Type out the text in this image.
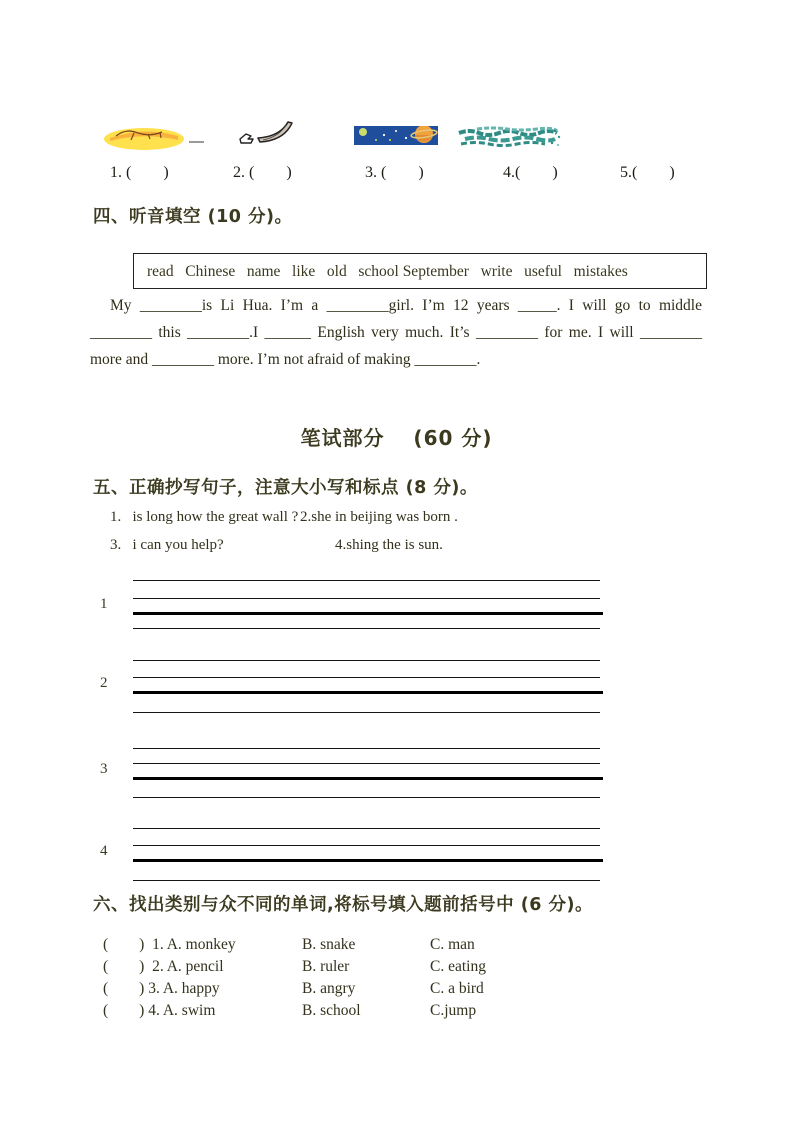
1. (        )	2. (        )	3. (        )	4.(        )	5.(        )
四、听音填空 (10 分)。
read   Chinese   name   like   old   school September   write   useful   mistakes
My ________is Li Hua. I’m a ________girl. I’m 12 years _____. I will go to middle
________ this ________.I ______ English very much. It’s ________ for me. I will ________
more and ________ more. I’m not afraid of making ________.
笔试部分　 (60 分)
五、正确抄写句子，注意大小写和标点 (8 分)。
1.   is long how the great wall ? 2.she in beijing was born .
3.   i can you help?	4.shing the is sun.
1
2
3
4
六、找出类别与众不同的单词,将标号填入题前括号中 (6 分)。
(        )  1. A. monkey	B. snake	C. man
(        )  2. A. pencil	B. ruler	C. eating
(        ) 3. A. happy	B. angry	C. a bird
(        ) 4. A. swim	B. school	C.jump
